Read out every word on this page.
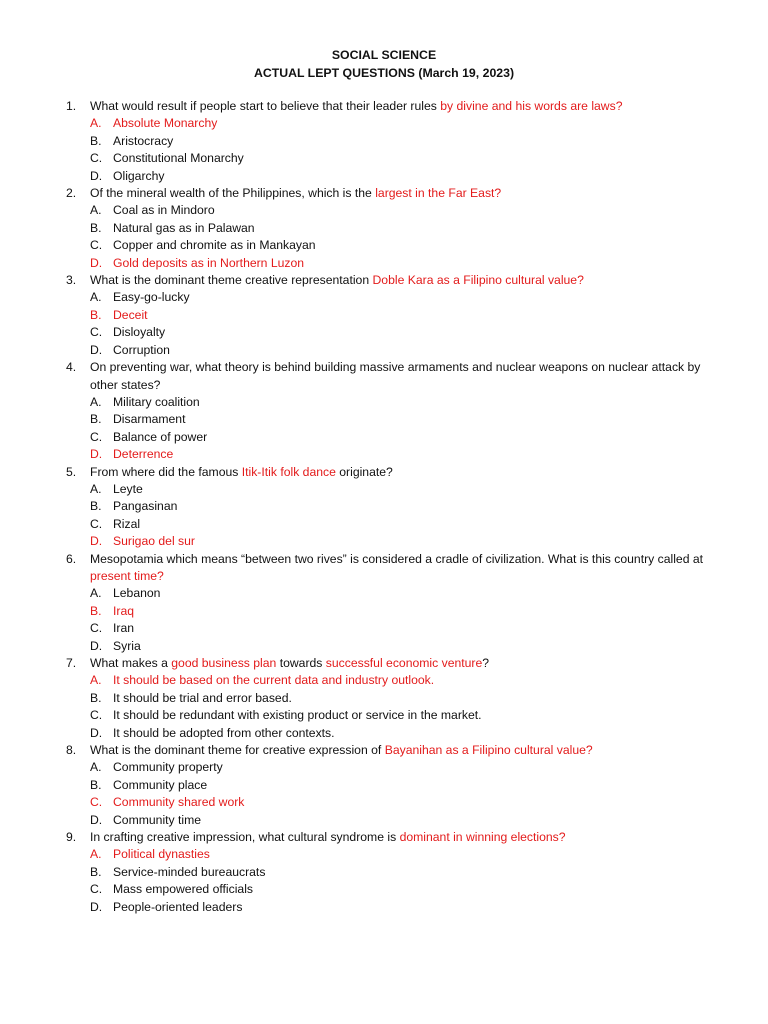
SOCIAL SCIENCE
ACTUAL LEPT QUESTIONS (March 19, 2023)
1. What would result if people start to believe that their leader rules by divine and his words are laws?
A. Absolute Monarchy
B. Aristocracy
C. Constitutional Monarchy
D. Oligarchy
2. Of the mineral wealth of the Philippines, which is the largest in the Far East?
A. Coal as in Mindoro
B. Natural gas as in Palawan
C. Copper and chromite as in Mankayan
D. Gold deposits as in Northern Luzon
3. What is the dominant theme creative representation Doble Kara as a Filipino cultural value?
A. Easy-go-lucky
B. Deceit
C. Disloyalty
D. Corruption
4. On preventing war, what theory is behind building massive armaments and nuclear weapons on nuclear attack by other states?
A. Military coalition
B. Disarmament
C. Balance of power
D. Deterrence
5. From where did the famous Itik-Itik folk dance originate?
A. Leyte
B. Pangasinan
C. Rizal
D. Surigao del sur
6. Mesopotamia which means “between two rives” is considered a cradle of civilization. What is this country called at present time?
A. Lebanon
B. Iraq
C. Iran
D. Syria
7. What makes a good business plan towards successful economic venture?
A. It should be based on the current data and industry outlook.
B. It should be trial and error based.
C. It should be redundant with existing product or service in the market.
D. It should be adopted from other contexts.
8. What is the dominant theme for creative expression of Bayanihan as a Filipino cultural value?
A. Community property
B. Community place
C. Community shared work
D. Community time
9. In crafting creative impression, what cultural syndrome is dominant in winning elections?
A. Political dynasties
B. Service-minded bureaucrats
C. Mass empowered officials
D. People-oriented leaders
